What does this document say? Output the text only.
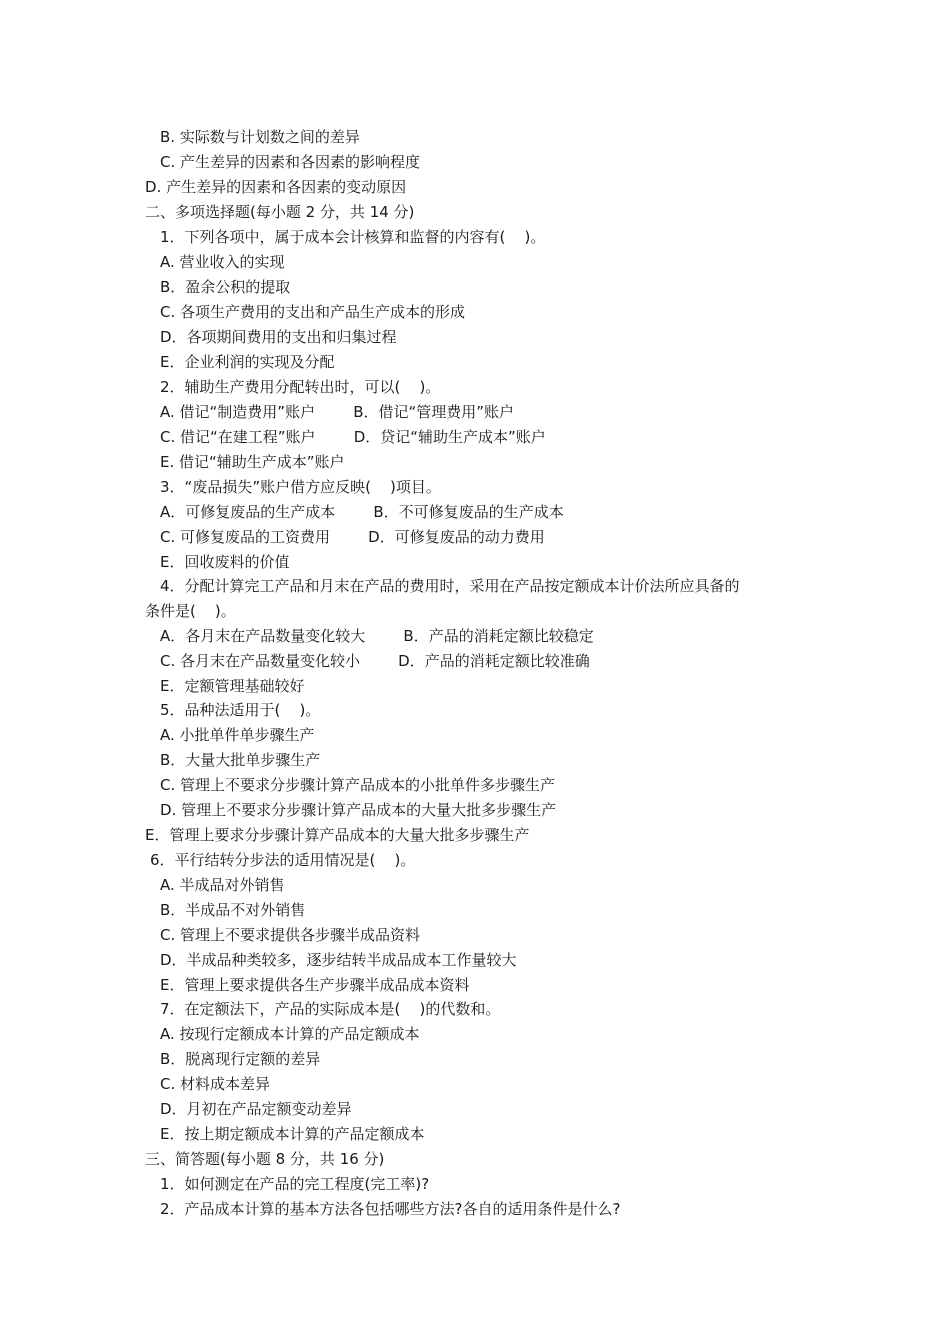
B. 实际数与计划数之间的差异
C. 产生差异的因素和各因素的影响程度
D. 产生差异的因素和各因素的变动原因
二、多项选择题(每小题 2 分，共 14 分)
1．下列各项中，属于成本会计核算和监督的内容有(    )。
A. 营业收入的实现
B．盈余公积的提取
C. 各项生产费用的支出和产品生产成本的形成
D．各项期间费用的支出和归集过程
E．企业利润的实现及分配
2．辅助生产费用分配转出时，可以(    )。
A. 借记“制造费用”账户        B．借记“管理费用”账户
C. 借记“在建工程”账户        D．贷记“辅助生产成本”账户
E. 借记“辅助生产成本”账户
3．“废品损失”账户借方应反映(    )项目。
A．可修复废品的生产成本        B．不可修复废品的生产成本
C. 可修复废品的工资费用        D．可修复废品的动力费用
E．回收废料的价值
4．分配计算完工产品和月末在产品的费用时，采用在产品按定额成本计价法所应具备的
条件是(    )。
A．各月末在产品数量变化较大        B．产品的消耗定额比较稳定
C. 各月末在产品数量变化较小        D．产品的消耗定额比较准确
E．定额管理基础较好
5．品种法适用于(    )。
A. 小批单件单步骤生产
B．大量大批单步骤生产
C. 管理上不要求分步骤计算产品成本的小批单件多步骤生产
D. 管理上不要求分步骤计算产品成本的大量大批多步骤生产
E．管理上要求分步骤计算产品成本的大量大批多步骤生产
6．平行结转分步法的适用情况是(    )。
A. 半成品对外销售
B．半成品不对外销售
C. 管理上不要求提供各步骤半成品资料
D．半成品种类较多，逐步结转半成品成本工作量较大
E．管理上要求提供各生产步骤半成品成本资料
7．在定额法下，产品的实际成本是(    )的代数和。
A. 按现行定额成本计算的产品定额成本
B．脱离现行定额的差异
C. 材料成本差异
D．月初在产品定额变动差异
E．按上期定额成本计算的产品定额成本
三、简答题(每小题 8 分，共 16 分)
1．如何测定在产品的完工程度(完工率)?
2．产品成本计算的基本方法各包括哪些方法?各自的适用条件是什么?
